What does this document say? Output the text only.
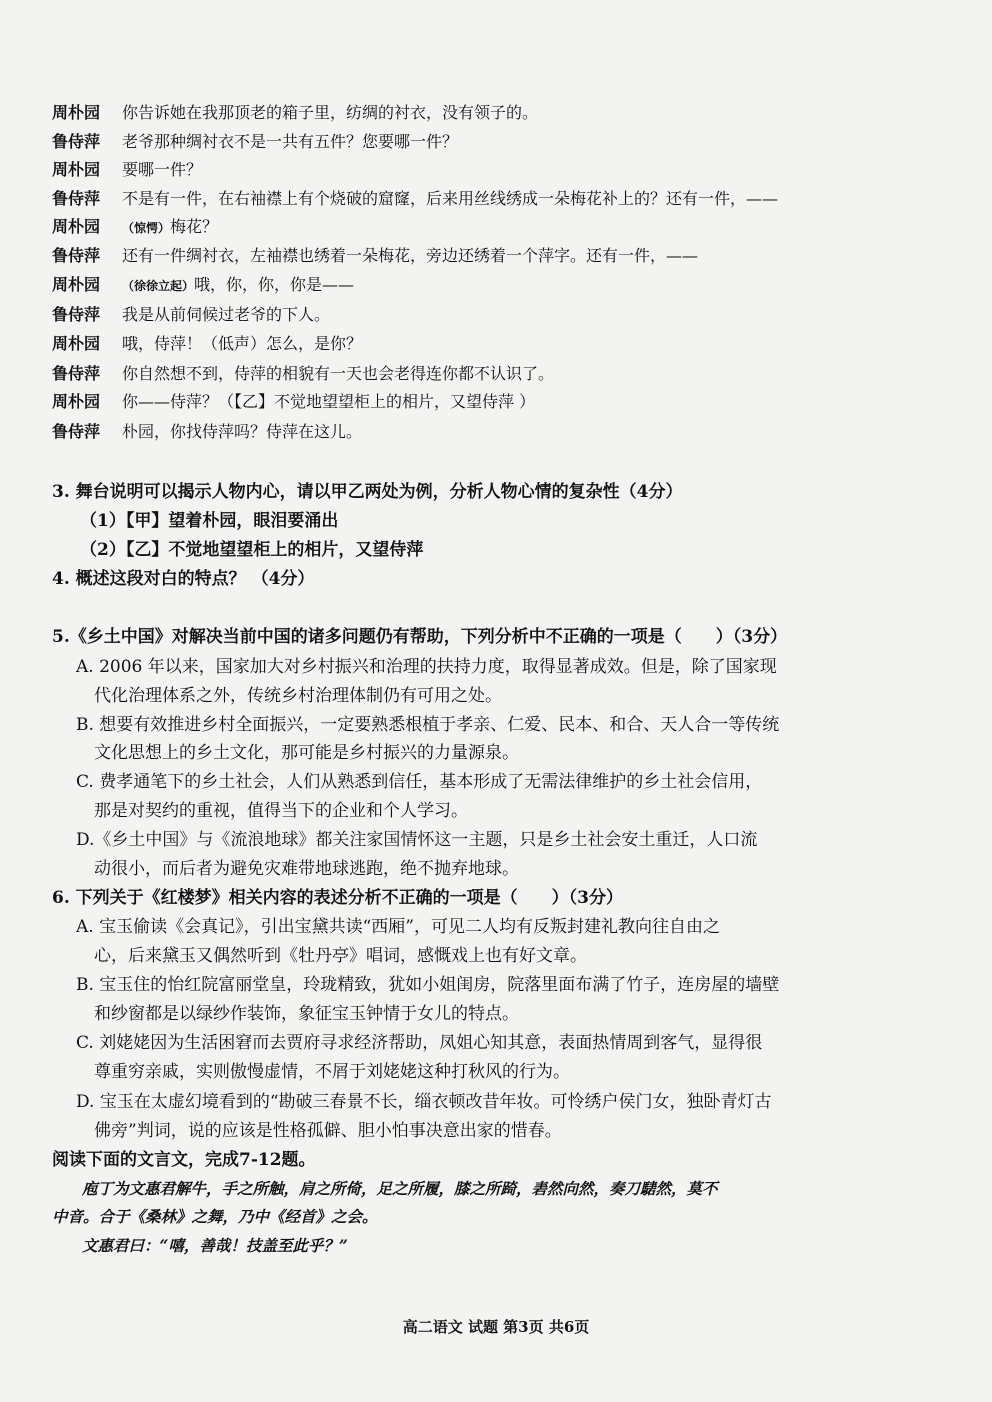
周朴园 你告诉她在我那顶老的箱子里，纺绸的衬衣，没有领子的。
鲁侍萍 老爷那种绸衬衣不是一共有五件？您要哪一件？
周朴园 要哪一件？
鲁侍萍 不是有一件，在右袖襟上有个烧破的窟窿，后来用丝线绣成一朵梅花补上的？还有一件，——
周朴园 （惊愕）梅花？
鲁侍萍 还有一件绸衬衣，左袖襟也绣着一朵梅花，旁边还绣着一个萍字。还有一件，——
周朴园 （徐徐立起）哦，你，你，你是——
鲁侍萍 我是从前伺候过老爷的下人。
周朴园 哦，侍萍！（低声）怎么，是你？
鲁侍萍 你自然想不到，侍萍的相貌有一天也会老得连你都不认识了。
周朴园 你——侍萍？（【乙】不觉地望望柜上的相片，又望侍萍 ）
鲁侍萍 朴园，你找侍萍吗？侍萍在这儿。
3. 舞台说明可以揭示人物内心，请以甲乙两处为例，分析人物心情的复杂性（4分）
（1）【甲】望着朴园，眼泪要涌出
（2）【乙】不觉地望望柜上的相片，又望侍萍
4. 概述这段对白的特点？ （4分）
5.《乡土中国》对解决当前中国的诸多问题仍有帮助，下列分析中不正确的一项是（　　）（3分）
A. 2006 年以来，国家加大对乡村振兴和治理的扶持力度，取得显著成效。但是，除了国家现
代化治理体系之外，传统乡村治理体制仍有可用之处。
B. 想要有效推进乡村全面振兴，一定要熟悉根植于孝亲、仁爱、民本、和合、天人合一等传统
文化思想上的乡土文化，那可能是乡村振兴的力量源泉。
C. 费孝通笔下的乡土社会，人们从熟悉到信任，基本形成了无需法律维护的乡土社会信用，
那是对契约的重视，值得当下的企业和个人学习。
D.《乡土中国》与《流浪地球》都关注家国情怀这一主题，只是乡土社会安土重迁，人口流
动很小，而后者为避免灾难带地球逃跑，绝不抛弃地球。
6. 下列关于《红楼梦》相关内容的表述分析不正确的一项是（　　）（3分）
A. 宝玉偷读《会真记》，引出宝黛共读“西厢”，可见二人均有反叛封建礼教向往自由之
心，后来黛玉又偶然听到《牡丹亭》唱词，感慨戏上也有好文章。
B. 宝玉住的怡红院富丽堂皇，玲珑精致，犹如小姐闺房，院落里面布满了竹子，连房屋的墙壁
和纱窗都是以绿纱作装饰，象征宝玉钟情于女儿的特点。
C. 刘姥姥因为生活困窘而去贾府寻求经济帮助，凤姐心知其意，表面热情周到客气，显得很
尊重穷亲戚，实则傲慢虚情，不屑于刘姥姥这种打秋风的行为。
D. 宝玉在太虚幻境看到的“勘破三春景不长，缁衣顿改昔年妆。可怜绣户侯门女，独卧青灯古
佛旁”判词，说的应该是性格孤僻、胆小怕事决意出家的惜春。
阅读下面的文言文，完成7-12题。
庖丁为文惠君解牛，手之所触，肩之所倚，足之所履，膝之所踦，砉然向然，奏刀騞然，莫不
中音。合于《桑林》之舞，乃中《经首》之会。
文惠君曰：“嘻，善哉！技盖至此乎？”
高二语文 试题 第3页 共6页
